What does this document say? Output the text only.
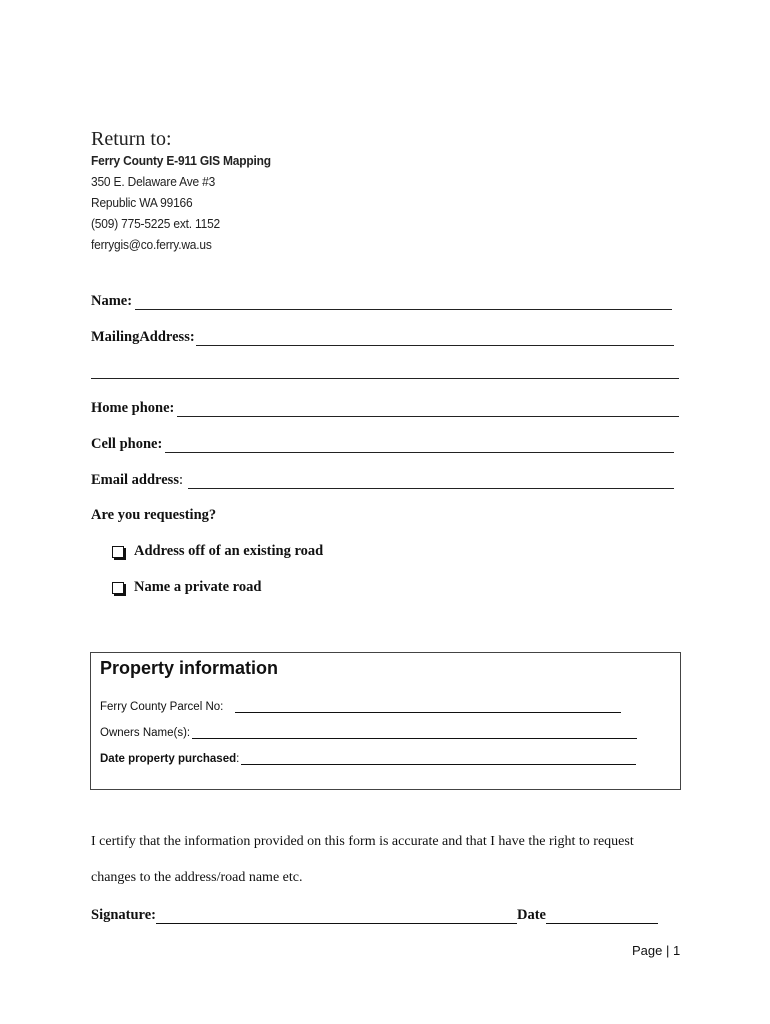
Return to:
Ferry County E-911 GIS Mapping
350 E. Delaware Ave #3
Republic WA 99166
(509) 775-5225 ext. 1152
ferrygis@co.ferry.wa.us
Name:
MailingAddress:
Home phone:
Cell phone:
Email address :
Are you requesting?
Address off of an existing road
Name a private road
Property information
Ferry County Parcel No:
Owners Name(s):
Date property purchased :
I certify that the information provided on this form is accurate and that I have the right to request
changes to the address/road name etc.
Signature:	Date
Page | 1
